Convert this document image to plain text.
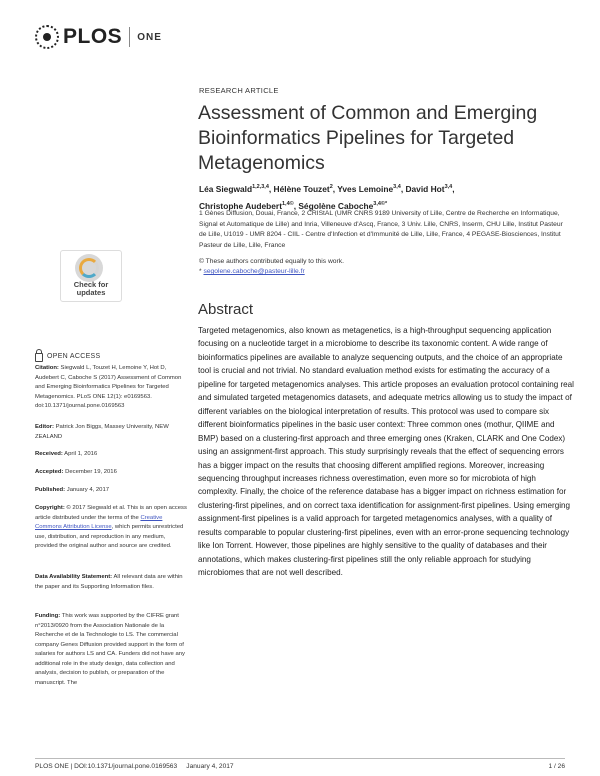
PLOS ONE
RESEARCH ARTICLE
Assessment of Common and Emerging Bioinformatics Pipelines for Targeted Metagenomics
Léa Siegwald$^{1,2,3,4}$, Hélène Touzet$^2$, Yves Lemoine$^{3,4}$, David Hot$^{3,4}$,
Christophe Audebert$^{1,4©}$, Ségolène Caboche$^{3,4©*}$
1 Gènes Diffusion, Douai, France, 2 CRIStAL (UMR CNRS 9189 University of Lille, Centre de Recherche en Informatique, Signal et Automatique de Lille) and Inria, Villeneuve d'Ascq, France, 3 Univ. Lille, CNRS, Inserm, CHU Lille, Institut Pasteur de Lille, U1019 - UMR 8204 - CIIL - Centre d'Infection et d'Immunité de Lille, Lille, France, 4 PEGASE-Biosciences, Institut Pasteur de Lille, Lille, France
© These authors contributed equally to this work.
* segolene.caboche@pasteur-lille.fr
Abstract
Targeted metagenomics, also known as metagenetics, is a high-throughput sequencing application focusing on a nucleotide target in a microbiome to describe its taxonomic content. A wide range of bioinformatics pipelines are available to analyze sequencing outputs, and the choice of an appropriate tool is crucial and not trivial. No standard evaluation method exists for estimating the accuracy of a pipeline for targeted metagenomics analyses. This article proposes an evaluation protocol containing real and simulated targeted metagenomics datasets, and adequate metrics allowing us to study the impact of different variables on the biological interpretation of results. This protocol was used to compare six different bioinformatics pipelines in the basic user context: Three common ones (mothur, QIIME and BMP) based on a clustering-first approach and three emerging ones (Kraken, CLARK and One Codex) using an assignment-first approach. This study surprisingly reveals that the effect of sequencing errors has a bigger impact on the results that choosing different amplified regions. Moreover, increasing sequencing throughput increases richness overestimation, even more so for microbiota of high complexity. Finally, the choice of the reference database has a bigger impact on richness estimation for clustering-first pipelines, and on correct taxa identification for assignment-first pipelines. Using emerging assignment-first pipelines is a valid approach for targeted metagenomics analyses, with a quality of results comparable to popular clustering-first pipelines, even with an error-prone sequencing technology like Ion Torrent. However, those pipelines are highly sensitive to the quality of databases and their annotations, which makes clustering-first pipelines still the only reliable approach for studying microbiomes that are not well described.
Check for
updates
OPEN ACCESS
Citation: Siegwald L, Touzet H, Lemoine Y, Hot D, Audebert C, Caboche S (2017) Assessment of Common and Emerging Bioinformatics Pipelines for Targeted Metagenomics. PLoS ONE 12(1): e0169563. doi:10.1371/journal.pone.0169563
Editor: Patrick Jon Biggs, Massey University, NEW ZEALAND
Received: April 1, 2016
Accepted: December 19, 2016
Published: January 4, 2017
Copyright: © 2017 Siegwald et al. This is an open access article distributed under the terms of the Creative Commons Attribution License, which permits unrestricted use, distribution, and reproduction in any medium, provided the original author and source are credited.
Data Availability Statement: All relevant data are within the paper and its Supporting Information files.
Funding: This work was supported by the CIFRE grant n°2013/0920 from the Association Nationale de la Recherche et de la Technologie to LS. The commercial company Genes Diffusion provided support in the form of salaries for authors LS and CA. Funders did not have any additional role in the study design, data collection and analysis, decision to publish, or preparation of the manuscript. The
PLOS ONE | DOI:10.1371/journal.pone.0169563 January 4, 2017	1 / 26
